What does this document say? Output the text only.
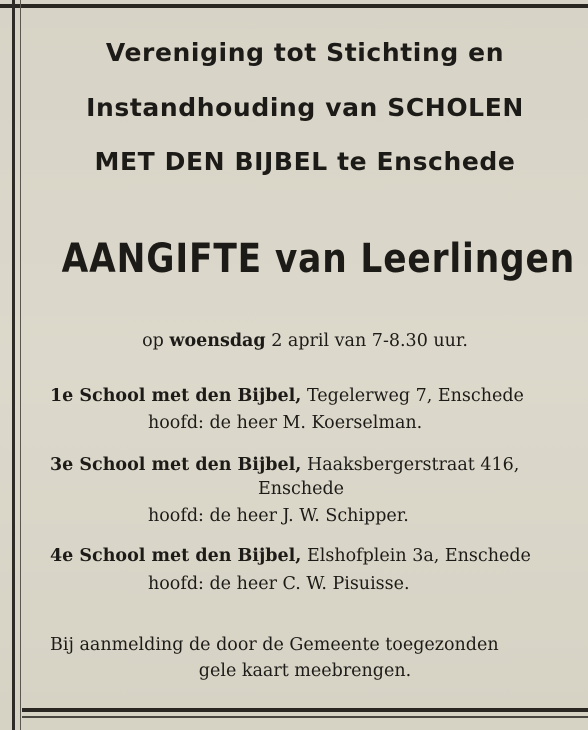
Vereniging tot Stichting en
Instandhouding van SCHOLEN
MET DEN BIJBEL te Enschede
AANGIFTE van Leerlingen
op woensdag 2 april van 7-8.30 uur.
1e School met den Bijbel, Tegelerweg 7, Enschede
hoofd: de heer M. Koerselman.
3e School met den Bijbel, Haaksbergerstraat 416,
Enschede
hoofd: de heer J. W. Schipper.
4e School met den Bijbel, Elshofplein 3a, Enschede
hoofd: de heer C. W. Pisuisse.
Bij aanmelding de door de Gemeente toegezonden
gele kaart meebrengen.
